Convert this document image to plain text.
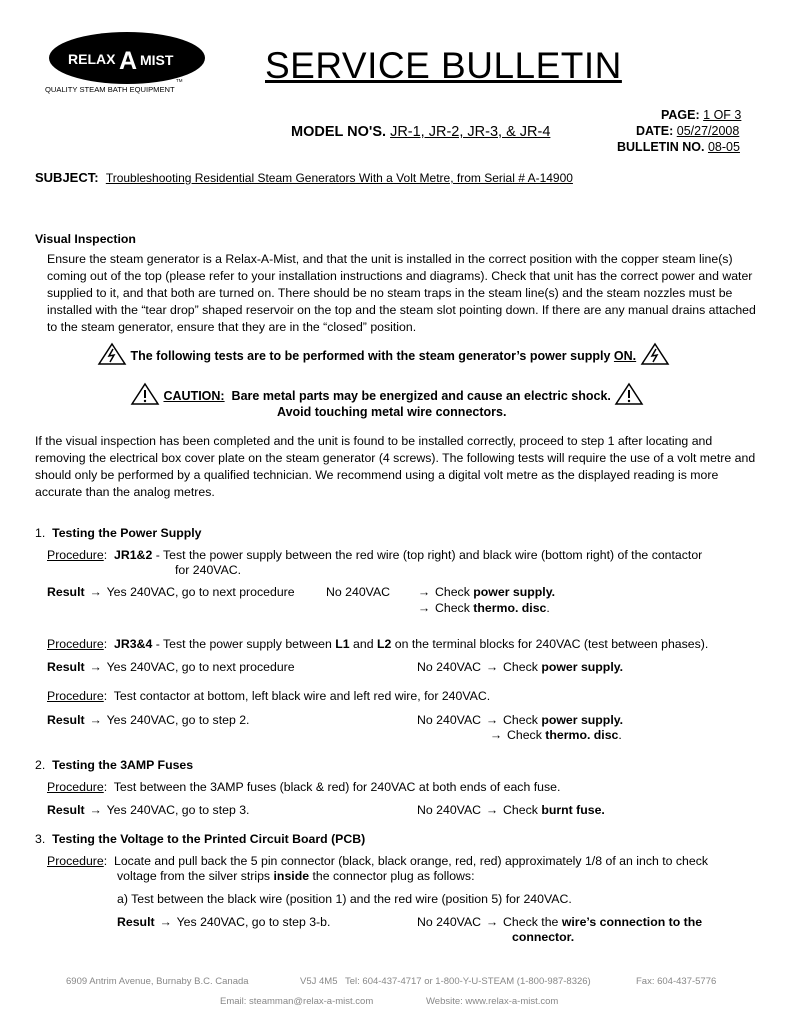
RELAX A MIST
TM
QUALITY STEAM BATH EQUIPMENT
SERVICE BULLETIN
PAGE: 1 OF 3
MODEL NO'S. JR-1, JR-2, JR-3, & JR-4	DATE: 05/27/2008
BULLETIN NO. 08-05
SUBJECT: Troubleshooting Residential Steam Generators With a Volt Metre, from Serial # A-14900
Visual Inspection
Ensure the steam generator is a Relax-A-Mist, and that the unit is installed in the correct position with the copper steam line(s) coming out of the top (please refer to your installation instructions and diagrams). Check that unit has the correct power and water supplied to it, and that both are turned on. There should be no steam traps in the steam line(s) and the steam nozzles must be installed with the “tear drop” shaped reservoir on the top and the steam slot pointing down. If there are any manual drains attached to the steam generator, ensure that they are in the “closed” position.
The following tests are to be performed with the steam generator’s power supply ON.
CAUTION: Bare metal parts may be energized and cause an electric shock.
Avoid touching metal wire connectors.
If the visual inspection has been completed and the unit is found to be installed correctly, proceed to step 1 after locating and removing the electrical box cover plate on the steam generator (4 screws). The following tests will require the use of a volt metre and should only be performed by a qualified technician. We recommend using a digital volt metre as the displayed reading is more accurate than the analog metres.
1. Testing the Power Supply
Procedure:  JR1&2 - Test the power supply between the red wire (top right) and black wire (bottom right) of the contactor
for 240VAC.
Result → Yes 240VAC, go to next procedure	No 240VAC	→ Check power supply.
→ Check thermo. disc.
Procedure:  JR3&4 - Test the power supply between L1 and L2 on the terminal blocks for 240VAC (test between phases).
Result → Yes 240VAC, go to next procedure	No 240VAC → Check power supply.
Procedure:  Test contactor at bottom, left black wire and left red wire, for 240VAC.
Result → Yes 240VAC, go to step 2.	No 240VAC → Check power supply.
→ Check thermo. disc.
2. Testing the 3AMP Fuses
Procedure:  Test between the 3AMP fuses (black & red) for 240VAC at both ends of each fuse.
Result → Yes 240VAC, go to step 3.	No 240VAC → Check burnt fuse.
3. Testing the Voltage to the Printed Circuit Board (PCB)
Procedure:  Locate and pull back the 5 pin connector (black, black orange, red, red) approximately 1/8 of an inch to check
voltage from the silver strips inside the connector plug as follows:
a) Test between the black wire (position 1) and the red wire (position 5) for 240VAC.
Result → Yes 240VAC, go to step 3-b.	No 240VAC → Check the wire’s connection to the
connector.
6909 Antrim Avenue, Burnaby B.C. Canada	V5J 4M5 Tel: 604-437-4717 or 1-800-Y-U-STEAM (1-800-987-8326)	Fax: 604-437-5776
Email: steamman@relax-a-mist.com	Website: www.relax-a-mist.com
